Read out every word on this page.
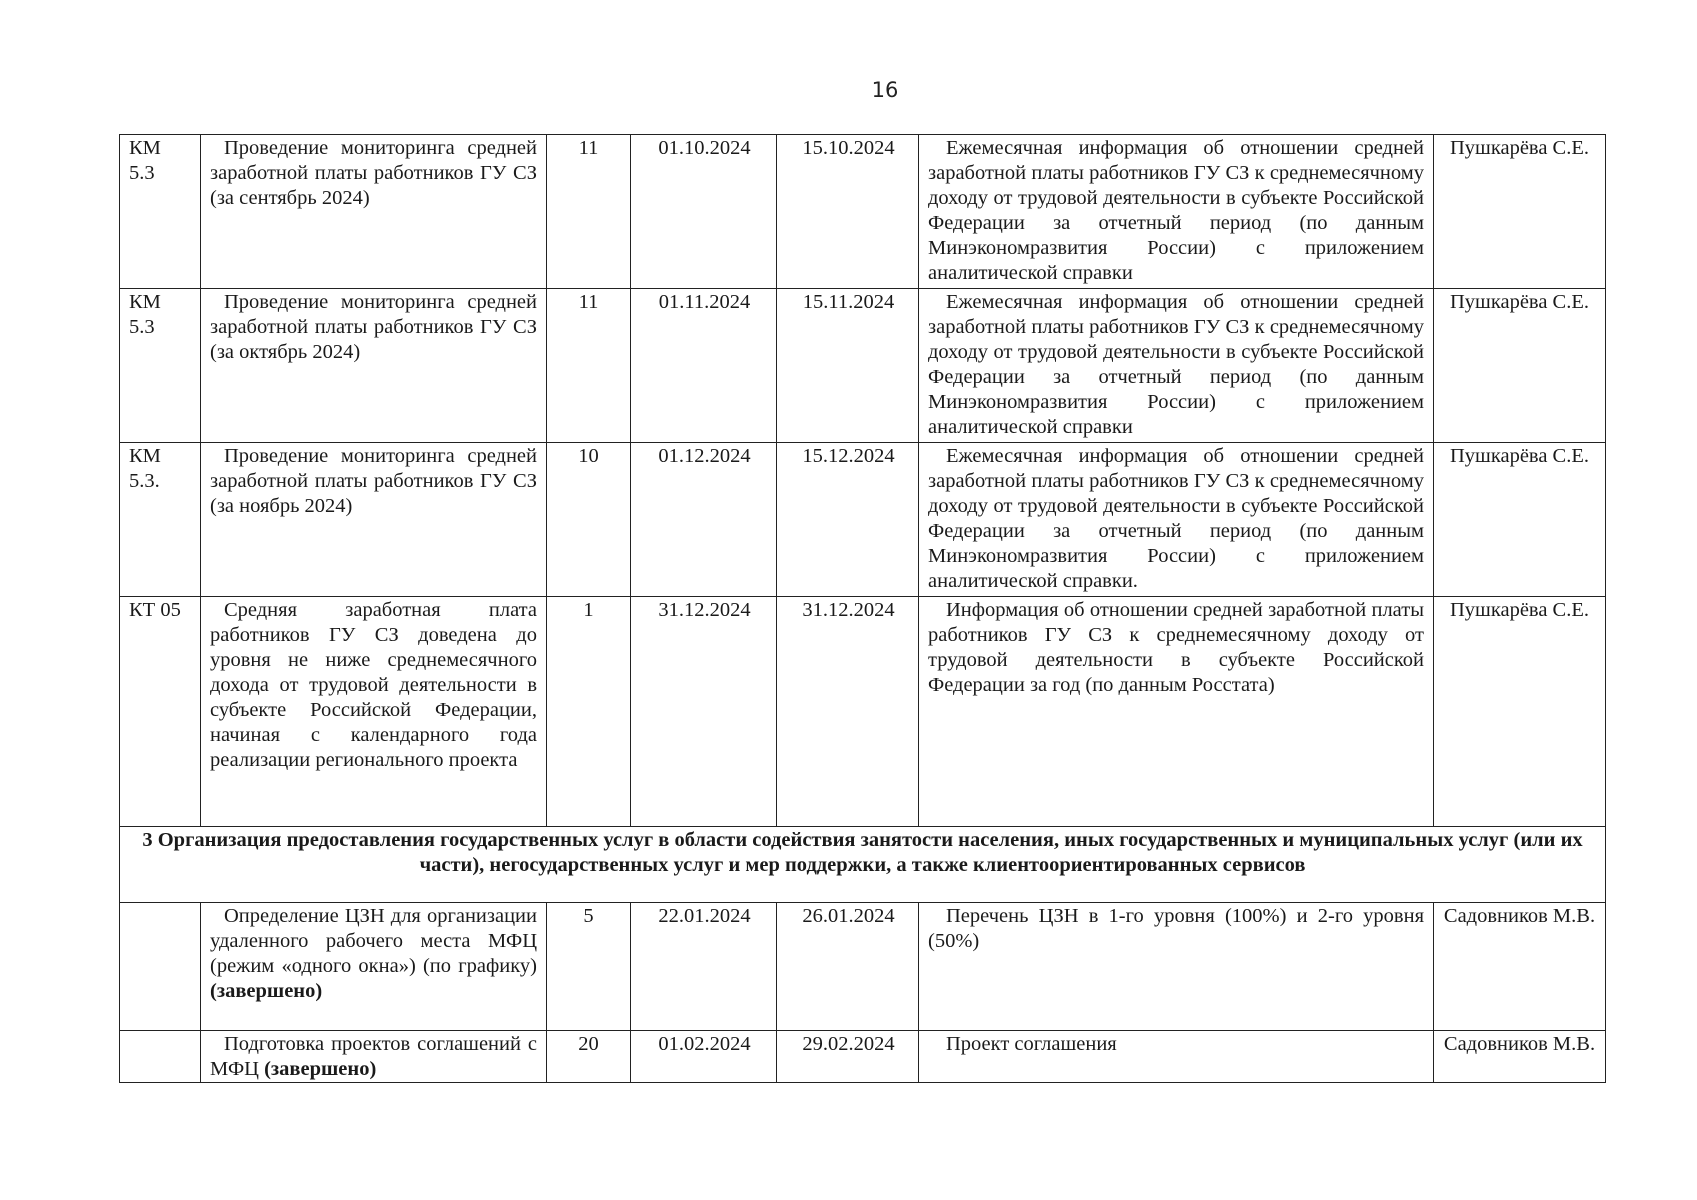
16
КМ 5.3	Проведение мониторинга средней заработной платы работников ГУ СЗ (за сентябрь 2024)	11	01.10.2024	15.10.2024	Ежемесячная информация об отношении средней заработной платы работников ГУ СЗ к среднемесячному доходу от трудовой деятельности в субъекте Российской Федерации за отчетный период (по данным Минэкономразвития России) с приложением аналитической справки	Пушкарёва С.Е.
КМ 5.3	Проведение мониторинга средней заработной платы работников ГУ СЗ (за октябрь 2024)	11	01.11.2024	15.11.2024	Ежемесячная информация об отношении средней заработной платы работников ГУ СЗ к среднемесячному доходу от трудовой деятельности в субъекте Российской Федерации за отчетный период (по данным Минэкономразвития России) с приложением аналитической справки	Пушкарёва С.Е.
КМ 5.3.	Проведение мониторинга средней заработной платы работников ГУ СЗ (за ноябрь 2024)	10	01.12.2024	15.12.2024	Ежемесячная информация об отношении средней заработной платы работников ГУ СЗ к среднемесячному доходу от трудовой деятельности в субъекте Российской Федерации за отчетный период (по данным Минэкономразвития России) с приложением аналитической справки.	Пушкарёва С.Е.
КТ 05	Средняя заработная плата работников ГУ СЗ доведена до уровня не ниже среднемесячного дохода от трудовой деятельности в субъекте Российской Федерации, начиная с календарного года реализации регионального проекта	1	31.12.2024	31.12.2024	Информация об отношении средней заработной платы работников ГУ СЗ к среднемесячному доходу от трудовой деятельности в субъекте Российской Федерации за год (по данным Росстата)	Пушкарёва С.Е.
3 Организация предоставления государственных услуг в области содействия занятости населения, иных государственных и муниципальных услуг (или их части), негосударственных услуг и мер поддержки, а также клиентоориентированных сервисов						
	Определение ЦЗН для организации удаленного рабочего места МФЦ (режим «одного окна») (по графику) (завершено)	5	22.01.2024	26.01.2024	Перечень ЦЗН в 1-го уровня (100%) и 2-го уровня (50%)	Садовников М.В.
	Подготовка проектов соглашений с МФЦ (завершено)	20	01.02.2024	29.02.2024	Проект соглашения	Садовников М.В.
